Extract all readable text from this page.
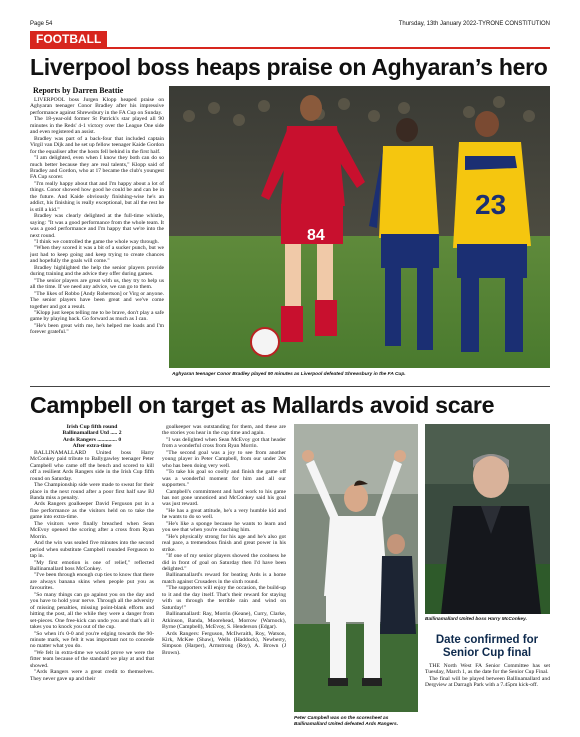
Page 54	Thursday, 13th January 2022-TYRONE CONSTITUTION
FOOTBALL
Liverpool boss heaps praise on Aghyaran’s hero
Reports by Darren Beattie

LIVERPOOL boss Jurgen Klopp heaped praise on Aghyaran teenager Conor Bradley after his impressive performance against Shrewsbury in the FA Cup on Sunday.

The 18-year-old former St Patrick's star played all 90 minutes in the Reds' 4-1 victory over the League One side and even registered an assist.

Bradley was part of a back-four that included captain Virgil van Dijk and he set up fellow teenager Kaide Gordon for the equaliser after the hosts fell behind in the first half.

"I am delighted, even when I know they both can do so much better because they are real talents," Klopp said of Bradley and Gordon, who at 17 became the club's youngest FA Cup scorer.

"I'm really happy about that and I'm happy about a lot of things. Conor showed how good he could be and can be in the future. And Kaide obviously finishing-wise he's an addict, his finishing is really exceptional, but all the rest he is still a kid."

Bradley was clearly delighted at the full-time whistle, saying: "It was a good performance from the whole team. It was a good performance and I'm happy that we're into the next round.

"I think we controlled the game the whole way through.

"When they scored it was a bit of a sucker punch, but we just had to keep going and keep trying to create chances and hopefully the goals will come."

Bradley highlighted the help the senior players provide during training and the advice they offer during games.

"The senior players are great with us, they try to help us all the time. If we need any advice, we can go to them.

"The likes of Robbo [Andy Robertson] or Virg or anyone. The senior players have been great and we've come together and got a result.

"Klopp just keeps telling me to be brave, don't play a safe game by playing back. Go forward as much as I can.

"He's been great with me, he's helped me loads and I'm forever grateful."

84
23
Aghyaran teenager Conor Bradley played 90 minutes as Liverpool defeated Shrewsbury in the FA Cup.
Campbell on target as Mallards avoid scare

Irish Cup fifth round

Ballinamallard Utd ..... 2

Ards Rangers .............. 0

After extra-time

BALLINAMALLARD United boss Harry McConkey paid tribute to Ballygawley teenager Peter Campbell who came off the bench and scored to kill off a resilient Ards Rangers side in the Irish Cup fifth round on Saturday.

The Championship side were made to sweat for their place in the next round after a poor first half saw BJ Banda miss a penalty.

Ards Rangers goalkeeper David Ferguson put in a fine performance as the visitors held on to take the game into extra-time.

The visitors were finally breached when Sean McEvoy opened the scoring after a cross from Ryan Morrin.

And the win was sealed five minutes into the second period when substitute Campbell rounded Ferguson to tap in.

"My first emotion is one of relief," reflected Ballinamallard boss McConkey.

"I've been through enough cup ties to know that there are always banana skins when people put you as favourites.

"So many things can go against you on the day and you have to hold your nerve. Through all the adversity of missing penalties, missing point-blank efforts and hitting the post, all the while they were a danger from set-pieces. One free-kick can undo you and that's all it takes you to knock you out of the cup.

"So when it's 0-0 and you're edging towards the 90-minute mark, we felt it was important not to concede no matter what you do.

"We felt in extra-time we would prove we were the fitter team because of the standard we play at and that showed.

"Ards Rangers were a great credit to themselves. They never gave up and their

goalkeeper was outstanding for them, and these are the stories you hear in the cup time and again.

"I was delighted when Sean McEvoy got that header from a wonderful cross from Ryan Morrin.

"The second goal was a joy to see from another young player in Peter Campbell, from our under 20s who has been doing very well.

"To take his goal so coolly and finish the game off was a wonderful moment for him and all our supporters."

Campbell's commitment and hard work to his game has not gone unnoticed and McConkey said his goal was just reward.

"He has a great attitude, he's a very humble kid and he wants to do so well.

"He's like a sponge because he wants to learn and you see that when you're coaching him.

"He's physically strong for his age and he's also got real pace, a tremendous finish and great power in his strike.

"If one of my senior players showed the coolness he did in front of goal on Saturday then I'd have been delighted."

Ballinamallard's reward for beating Ards is a home match against Crusaders in the sixth round.

"The supporters will enjoy the occasion, the build-up to it and the day itself. That's their reward for staying with us through the terrible rain and wind on Saturday!"

Ballinamallard: Ray, Morrin (Keane), Curry, Clarke, Atkinson, Banda, Moorehead, Morrow (Warnock), Byrne (Campbell), McEvoy, S. Henderson (Edgar).

Ards Rangers: Ferguson, McIlwraith, Roy, Watson, Kirk, McKee (Shaw), Wells (Haddock), Newberry, Simpson (Harper), Armstrong (Roy), A. Brown (J Brown).

Peter Campbell was on the scoresheet as Ballinamallard United defeated Ards Rangers.
Ballinamallard United boss Harry McConkey.
Date confirmed for Senior Cup final

THE North West FA Senior Committee has set Tuesday, March 1, as the date for the Senior Cup Final.

The final will be played between Ballinamallard and Dergview at Darragh Park with a 7.45pm kick-off.
